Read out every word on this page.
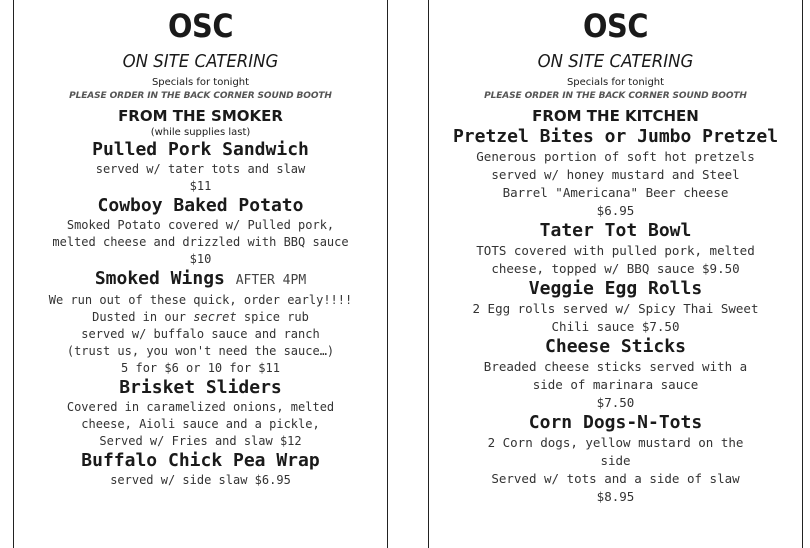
OSC
ON SITE CATERING
Specials for tonight
PLEASE ORDER IN THE BACK CORNER SOUND BOOTH
FROM THE SMOKER
(while supplies last)
Pulled Pork Sandwich
served w/ tater tots and slaw
$11
Cowboy Baked Potato
Smoked Potato covered w/ Pulled pork,
melted cheese and drizzled with BBQ sauce
$10
Smoked Wings AFTER 4PM
We run out of these quick, order early!!!!
Dusted in our secret spice rub
served w/ buffalo sauce and ranch
(trust us, you won't need the sauce…)
5 for $6 or 10 for $11
Brisket Sliders
Covered in caramelized onions, melted
cheese, Aioli sauce and a pickle,
Served w/ Fries and slaw $12
Buffalo Chick Pea Wrap
served w/ side slaw $6.95
OSC
ON SITE CATERING
Specials for tonight
PLEASE ORDER IN THE BACK CORNER SOUND BOOTH
FROM THE KITCHEN
Pretzel Bites or Jumbo Pretzel
Generous portion of soft hot pretzels
served w/ honey mustard and Steel
Barrel "Americana" Beer cheese
$6.95
Tater Tot Bowl
TOTS covered with pulled pork, melted
cheese, topped w/ BBQ sauce $9.50
Veggie Egg Rolls
2 Egg rolls served w/ Spicy Thai Sweet
Chili sauce $7.50
Cheese Sticks
Breaded cheese sticks served with a
side of marinara sauce
$7.50
Corn Dogs-N-Tots
2 Corn dogs, yellow mustard on the
side
Served w/ tots and a side of slaw
$8.95
